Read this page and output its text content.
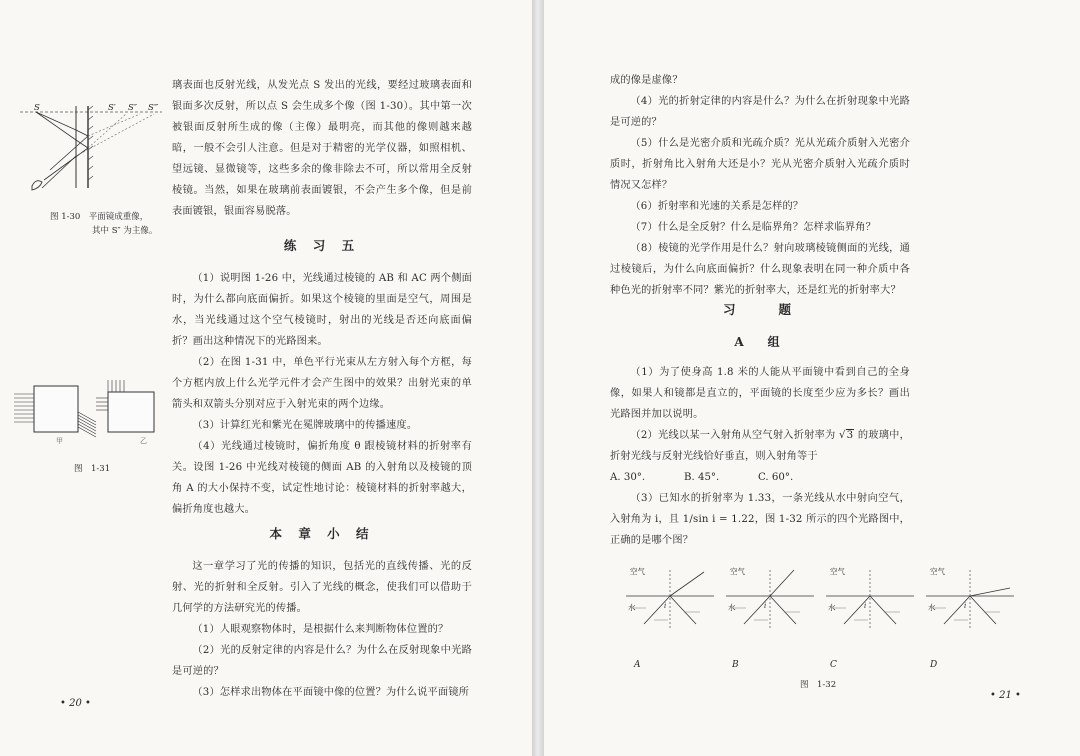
S	S′ S″ S‴
图 1-30　平面镜成重像，
其中 S″ 为主像。

璃表面也反射光线，从发光点 S 发出的光线，要经过玻璃表面和银面多次反射，所以点 S 会生成多个像（图 1-30）。其中第一次被银面反射所生成的像（主像）最明亮，而其他的像则越来越暗，一般不会引人注意。但是对于精密的光学仪器，如照相机、望远镜、显微镜等，这些多余的像非除去不可，所以常用全反射棱镜。当然，如果在玻璃前表面镀银，不会产生多个像，但是前表面镀银，银面容易脱落。

练 习 五

（1）说明图 1-26 中，光线通过棱镜的 AB 和 AC 两个侧面时，为什么都向底面偏折。如果这个棱镜的里面是空气，周围是水，当光线通过这个空气棱镜时，射出的光线是否还向底面偏折？画出这种情况下的光路图来。

（2）在图 1-31 中，单色平行光束从左方射入每个方框，每个方框内放上什么光学元件才会产生图中的效果？出射光束的单箭头和双箭头分别对应于入射光束的两个边缘。

（3）计算红光和紫光在冕牌玻璃中的传播速度。

（4）光线通过棱镜时，偏折角度 θ 跟棱镜材料的折射率有关。设图 1-26 中光线对棱镜的侧面 AB 的入射角以及棱镜的顶角 A 的大小保持不变，试定性地讨论：棱镜材料的折射率越大，偏折角度也越大。

甲	乙
图　1-31
本 章 小 结

这一章学习了光的传播的知识，包括光的直线传播、光的反射、光的折射和全反射。引入了光线的概念，使我们可以借助于几何学的方法研究光的传播。

（1）人眼观察物体时，是根据什么来判断物体位置的？

（2）光的反射定律的内容是什么？为什么在反射现象中光路是可逆的？

（3）怎样求出物体在平面镜中像的位置？为什么说平面镜所

• 20 •

成的像是虚像？

（4）光的折射定律的内容是什么？为什么在折射现象中光路是可逆的？

（5）什么是光密介质和光疏介质？光从光疏介质射入光密介质时，折射角比入射角大还是小？光从光密介质射入光疏介质时情况又怎样？

（6）折射率和光速的关系是怎样的？

（7）什么是全反射？什么是临界角？怎样求临界角？

（8）棱镜的光学作用是什么？射向玻璃棱镜侧面的光线，通过棱镜后，为什么向底面偏折？什么现象表明在同一种介质中各种色光的折射率不同？紫光的折射率大，还是红光的折射率大？

习　　题
A　组

（1）为了使身高 1.8 米的人能从平面镜中看到自己的全身像，如果人和镜都是直立的，平面镜的长度至少应为多长？画出光路图并加以说明。

（2）光线以某一入射角从空气射入折射率为 √3 的玻璃中，折射光线与反射光线恰好垂直，则入射角等于

A. 30°.	B. 45°.	C. 60°.

（3）已知水的折射率为 1.33，一条光线从水中射向空气，入射角为 i，且 1/sin i = 1.22，图 1-32 所示的四个光路图中，正确的是哪个图？

空气
水	i
空气
水	i
空气
水	i
空气
水	i
A	B	C	D
图　1-32
• 21 •
